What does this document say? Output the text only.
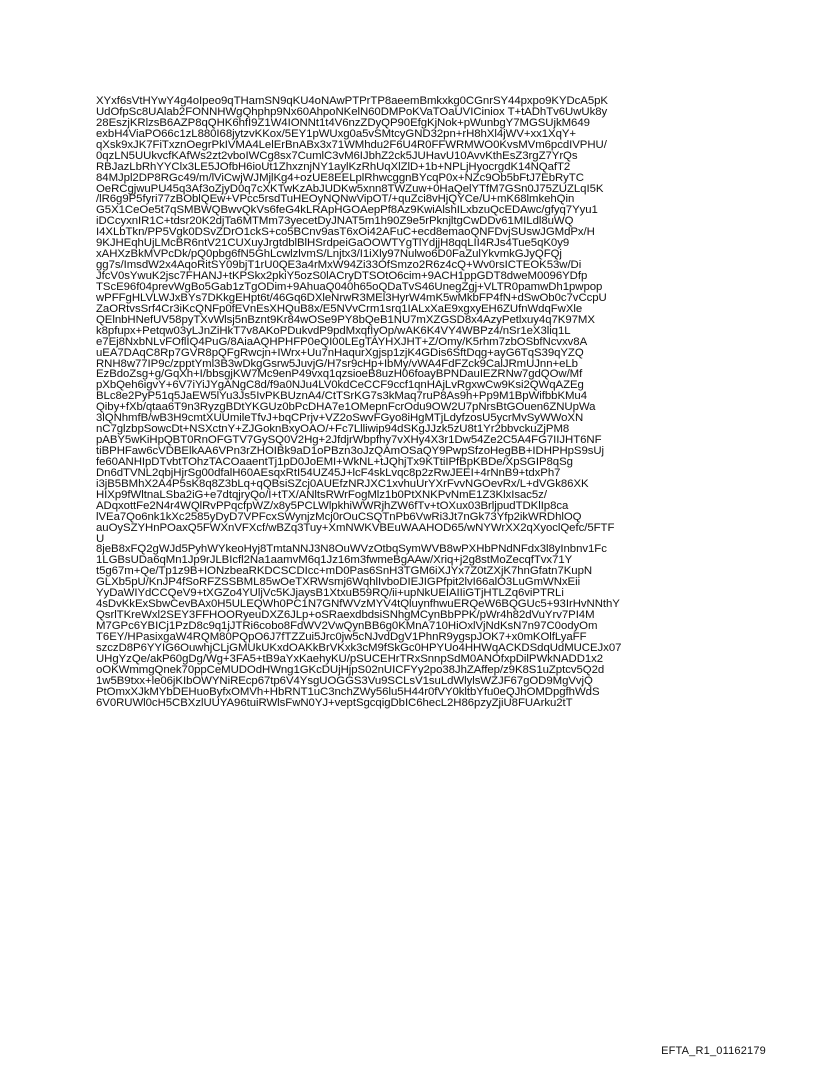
XYxf6sVtHYwY4g4oIpeo9qTHamSN9qKU4oNAwPTPrTP8aeemBmkxkg0CGnrSY44pxpo9KYDcA5pK
UdOfpSc8UAlab2FONNHWgQhphp9Nx60AhpoNKelN60DMPoKVaTOaUVICiniox T+tADhTv6UwUk8y
28EszjKRlzsB6AZP8qQHK6hfI9Z1W4IONNt1t4V6nzZDyQP90EfgKjNok+pWunbgY7MGSUjkM649
exbH4ViaPO66c1zL880I68jytzvKKox/5EY1pWUxg0a5vSMtcyGND32pn+rH8hXl4jWV+xx1XqY+
qXsk9xJK7FiTxznOegrPkIVMA4LelErBnABx3x71WMhdu2F6U4R0FFWRMWO0KvsMVm6pcdIVPHU/
0qzLN5UUkvcfKAfWs2zt2vboIWCg8sx7CumlC3vM6IJbhZ2ck5JUHavU10AvvKthEsZ3rgZ7YrQs
RBJazLbRhYYClx3LE5JOfbH6ioUt1ZhxznjNY1aylKzRhUqXlZlD+1b+NPLjHyocrgdK14NQafT2
84MJpl2DP8RGc49/m/lViCwjWJMjlKg4+ozUE8EELplRhwcggnBYcqP0x+NZc9Ob5bFtJ7EbRyTC
OeRCgjwuPU45q3Af3oZjyD0q7cXKTwKzAbJUDKw5xnn8TWZuw+0HaQelYTfM7GSn0J75ZUZLqI5K
/lR6g9P5fyri77zBOblQEw+VPcc5rsdTuHEOyNQNwVipOT/+quZci8vHjQYCe/U+mK68lmkehQin
G5X1CeOe5t7qSMBWQBwvQkVs6feG4kLRApHGOAepPf8Az9KwiAlshILxbzuQcEDAwc/gfyq7Yyu1
iDCcyxnIR1C+tdsr20K2djTa6MTMm73yecetDyJNAT5m1h90Z9e5rPknjltgCwDDv61MILdl8uWQ
I4XLbTkn/PP5Vgk0DSvZDrO1ckS+co5BCnv9asT6xOi42AFuC+ecd8emaoQNFDvjSUswJGMdPx/H
9KJHEqhUjLMcBR6ntV21CUXuyJrgtdblBlHSrdpeiGaOOWTYgTlYdjjH8qqLII4RJs4Tue5qK0y9
xAHXzBkMVPcDk/pQ0pbg6fN5GhLcwlzlvmS/Lnjtx3/I1iXly97Nulwo6D0FaZulYkvmkGJyQFQj
gg7s/ImsdW2x4AqoRitSY09bjT1rU0QE3a4rMxW94Zi33OfSmzo2R6z4cQ+Wv0rsICTEOK53w/Di
JfcV0sYwuK2jsc7FHANJ+tKPSkx2pkiY5ozS0lACryDTSOtO6cim+9ACH1ppGDT8dweM0096YDfp
TScE96f04prevWgBo5Gab1zTgODim+9AhuaQ040h65oQDaTvS46UnegZgj+VLTR0pamwDh1pwpop
wPFFgHLVLWJxBYs7DKkgEHpt6t/46Gq6DXleNrwR3MEl3HyrW4mK5wMkbFP4fN+dSwOb0c7vCcpU
ZaORtvsSrf4Cr3iKcQNFp0fEVnEsXHQuB8x/E5NVvCrm1srq1IALxXaE9xgxyEH6ZUfnWdqFwXle
QElnbHNefUV58pyTXvWlsj5nBznt9Kr84wOSe9PY8bQeB1NU7mXZGSD8x4AzyPetlxuy4q7K97MX
k8pfupx+Petqw03yLJnZiHkT7v8AKoPDukvdP9pdMxqfIyOp/wAK6K4VY4WBPz4/nSr1eX3liq1L
e7Ej8NxbNLvFOflIQ4PuG/8AiaAQHPHFP0eQI00LEgTAYHXJHT+Z/Omy/K5rhm7zbOSbfNcvxv8A
uEA7DAqC8Rp7GVR8pQFgRwcjn+IWrx+Uu7nHaqurXgjsp1zjK4GDis6SftDqg+ayG6TqS39qYZQ
RNH8w77IP9c/zpptYml3B3wDkgGsrw5JuvjG/H7sr9cHp+IbMy/vWA4FdFZck9CalJRmUJnn+eLb
EzBdoZsg+g/GqXh+I/bbsgjKW7Mc9enP49vxq1qzsioeB8uzH06foayBPNDauIEZRNw7gdQOw/Mf
pXbQeh6igvY+6V7iYiJYgANgC8d/f9a0NJu4LV0kdCeCCF9ccf1qnHAjLvRgxwCw9Ksi2QWqAZEg
BLc8e2PyP51q5JaEW5lYu3Js5IvPKBUznA4/CtTSrKG7s3kMaq7ruP8As9h+Pp9M1BpWifbbKMu4
Qiby+fXb/qtaa6T9n3RyzgBDtYKGUz0bPcDHA7e1OMepnFcrOdu9OW2U7pNrsBtGOuen6ZNUpWa
3lQNhmfB/wB3H9cmtXUUmileTfvJ+bqCPrjv+VZ2oSwvFGyo8iHgMTjLdyfzosU5ycrMvSyWWoXN
nC7glzbpSowcDt+NSXctnY+ZJGoknBxyOAO/+Fc7Llliwip94dSKgJJzk5zU8t1Yr2bbvckuZjPM8
pABY5wKiHpQBT0RnOFGTV7GySQ0V2Hg+2JfdjrWbpfhy7vXHy4X3r1Dw54Ze2C5A4FG7IIJHT6NF
tiBPHFaw6cVDBElkAA6VPn3rZHOIBk9aD1oPBzn3oJzQAmOSaQY9PwpSfzoHegBB+IDHPHpS9sUj
fe60ANHIpDTvbtTOhzTACOaaentTj1pD0JoEMI+WkNL+tJQhjTx9KTtiIPfBpKBDe/XpSGIP8qSg
Dn6dTVNL2qbjHjrSg00dfalH60AEsqxRtI54UZ45J+lcF4skLvqc8p2zRwJEEI+4rNnB9+tdxPh7
i3jB5BMhX2A4P5sK8q8Z3bLq+qQBsiSZcj0AUEfzNRJXC1xvhuUrYXrFvvNGOevRx/L+dVGk86XK
HIXp9fWltnaLSba2iG+e7dtqjryQo/I+tTX/ANltsRWrFogMlz1b0PtXNKPvNmE1Z3KlxIsac5z/
ADqxottFe2N4r4WQlRvPPqcfpWZ/x8y5PCLWlpkhiWWRjhZW6fTv+tOXux03BrljpudTDKlIp8ca
lVEa7Qo6nk1kXc2585yDyD7VPFcxSWynjzMcj0rOuCSQTnPb6VwRi3Jt7nGk73Yfp2ikWRDhlOQ
auOySZYHnPOaxQ5FWXnVFXcf/wBZq3Tuy+XmNWKVBEuWAAHOD65/wNYWrXX2qXyoclQefc/5FTF
U
8jeB8xFQ2gWJd5PyhWYkeoHyj8TmtaNNJ3N8OuWVzOtbqSymWVB8wPXHbPNdNFdx3l8yInbnv1Fc
1LGBsUDa6qMn1Jp9rJLBIcfl2Na1aamvM6q1Jz16m3fwmeBgAAw/Xriq+j2g8stMoZecqfTvx71Y
t5g67m+Qe/Tp1z9B+IONzbeaRKDCSCDIcc+mD0Pas6SnH3TGM6iXJYx7Z0tZXjK7hnGfatn7KupN
GLXb5pU/KnJP4fSoRFZSSBML85wOeTXRWsmj6WqhlIvboDIEJIGPfpit2lvI66alO3LuGmWNxEii
YyDaWIYdCCQeV9+tXGZo4YUljVc5KJjaysB1XtxuB59RQ/ii+upNkUEIAIIiGTjHTLZq6viPTRLi
4sDvKkExSbwCevBAx0H5ULEQWh0PC1N7GNfWVzMYV4tQluynfhwuERQeW6BQGUc5+93IrHvNNthY
QsrlTKreWxl2SEY3FFHOORyeuDXZ6JLp+oSRaexdbdsiSNhgMCynBbPPK/pWr4h82dVuYrv7PI4M
M7GPc6YBICj1PzD8c9q1jJTRi6cobo8FdWV2VwQynBB6g0KMnA710HiOxlVjNdKsN7n97C0odyOm
T6EY/HPasixgaW4RQM80PQpO6J7fTZZui5Jrc0jw5cNJvdDgV1PhnR9ygspJOK7+x0mKOlfLyaFF
szczD8P6YYIG6OuwhjCLjGMUkUKxdOAKkBrVKxk3cM9fSkGc0HPYUo4HHWqACKDSdqUdMUCEJx07
UHgYzQe/akP60gDg/Wg+3FA5+tB9aYxKaehyKU/pSUCEHrTRxSnnpSdM0ANOfxpDilPWkNADD1x2
oOKWmmgQnek70ppCeMUDOdHWng1GKcDUjHjpS02nUICFYy2po38JhZAffep/z9K8S1uZptcv5Q2d
1w5B9txx+le06jKIbOWYNiREcp67tp6V4YsgUOGGS3Vu9SCLsV1suLdWlylsWZJF67gOD9MgVvjQ
PtOmxXJkMYbDEHuoByfxOMVh+HbRNT1uC3nchZWy56lu5H44r0fVY0kltbYfu0eQJhOMDpgfhWdS
6V0RUWl0cH5CBXzlUUYA96tuiRWlsFwN0YJ+veptSgcqigDbIC6hecL2H86pzyZjiU8FUArku2tT
EFTA_R1_01162179
